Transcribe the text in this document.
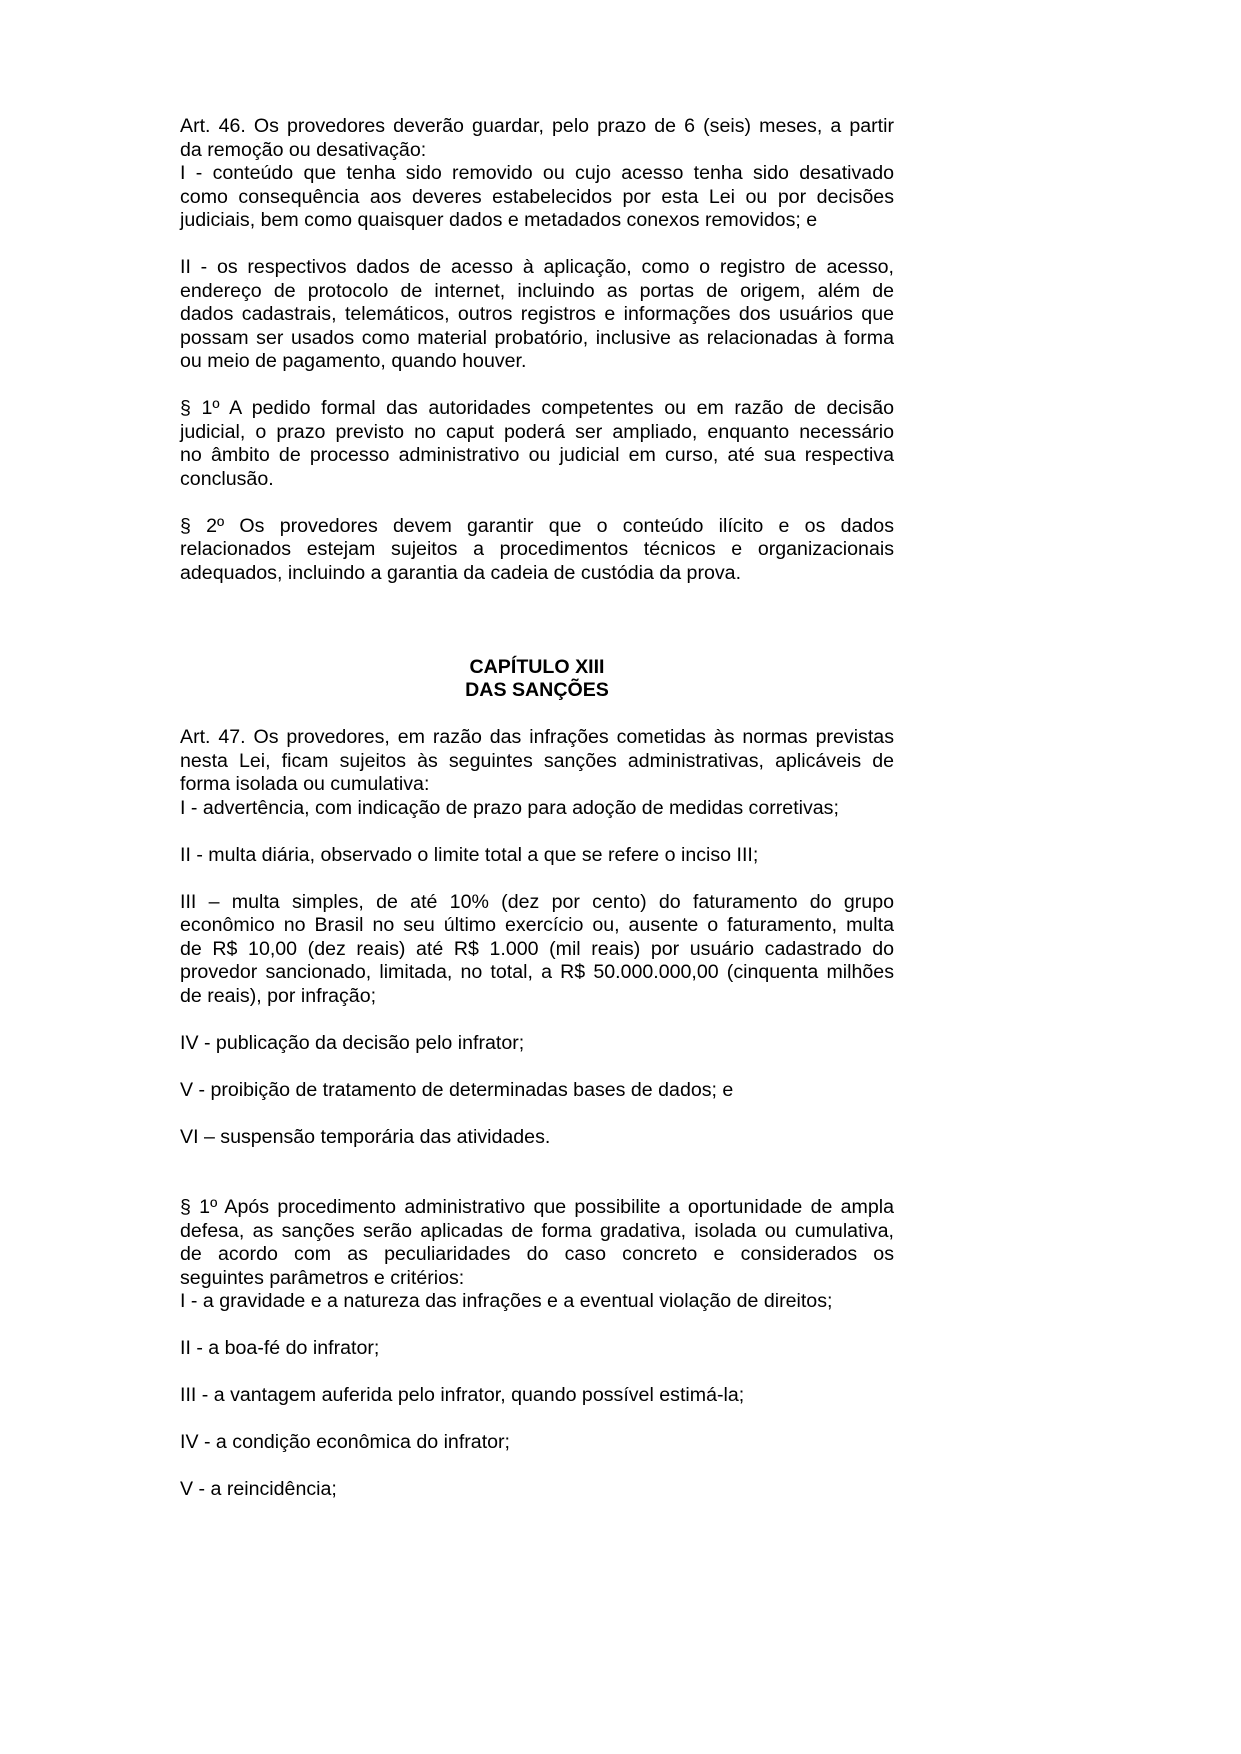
Art. 46. Os provedores deverão guardar, pelo prazo de 6 (seis) meses, a partir
da remoção ou desativação:
I - conteúdo que tenha sido removido ou cujo acesso tenha sido desativado
como consequência aos deveres estabelecidos por esta Lei ou por decisões
judiciais, bem como quaisquer dados e metadados conexos removidos; e
II - os respectivos dados de acesso à aplicação, como o registro de acesso,
endereço de protocolo de internet, incluindo as portas de origem, além de
dados cadastrais, telemáticos, outros registros e informações dos usuários que
possam ser usados como material probatório, inclusive as relacionadas à forma
ou meio de pagamento, quando houver.
§ 1º A pedido formal das autoridades competentes ou em razão de decisão
judicial, o prazo previsto no caput poderá ser ampliado, enquanto necessário
no âmbito de processo administrativo ou judicial em curso, até sua respectiva
conclusão.
§ 2º Os provedores devem garantir que o conteúdo ilícito e os dados
relacionados estejam sujeitos a procedimentos técnicos e organizacionais
adequados, incluindo a garantia da cadeia de custódia da prova.
CAPÍTULO XIII
DAS SANÇÕES
Art. 47. Os provedores, em razão das infrações cometidas às normas previstas
nesta Lei, ficam sujeitos às seguintes sanções administrativas, aplicáveis de
forma isolada ou cumulativa:
I - advertência, com indicação de prazo para adoção de medidas corretivas;
II - multa diária, observado o limite total a que se refere o inciso III;
III – multa simples, de até 10% (dez por cento) do faturamento do grupo
econômico no Brasil no seu último exercício ou, ausente o faturamento, multa
de R$ 10,00 (dez reais) até R$ 1.000 (mil reais) por usuário cadastrado do
provedor sancionado, limitada, no total, a R$ 50.000.000,00 (cinquenta milhões
de reais), por infração;
IV - publicação da decisão pelo infrator;
V - proibição de tratamento de determinadas bases de dados; e
VI – suspensão temporária das atividades.
§ 1º Após procedimento administrativo que possibilite a oportunidade de ampla
defesa, as sanções serão aplicadas de forma gradativa, isolada ou cumulativa,
de acordo com as peculiaridades do caso concreto e considerados os
seguintes parâmetros e critérios:
I - a gravidade e a natureza das infrações e a eventual violação de direitos;
II - a boa-fé do infrator;
III - a vantagem auferida pelo infrator, quando possível estimá-la;
IV - a condição econômica do infrator;
V - a reincidência;
